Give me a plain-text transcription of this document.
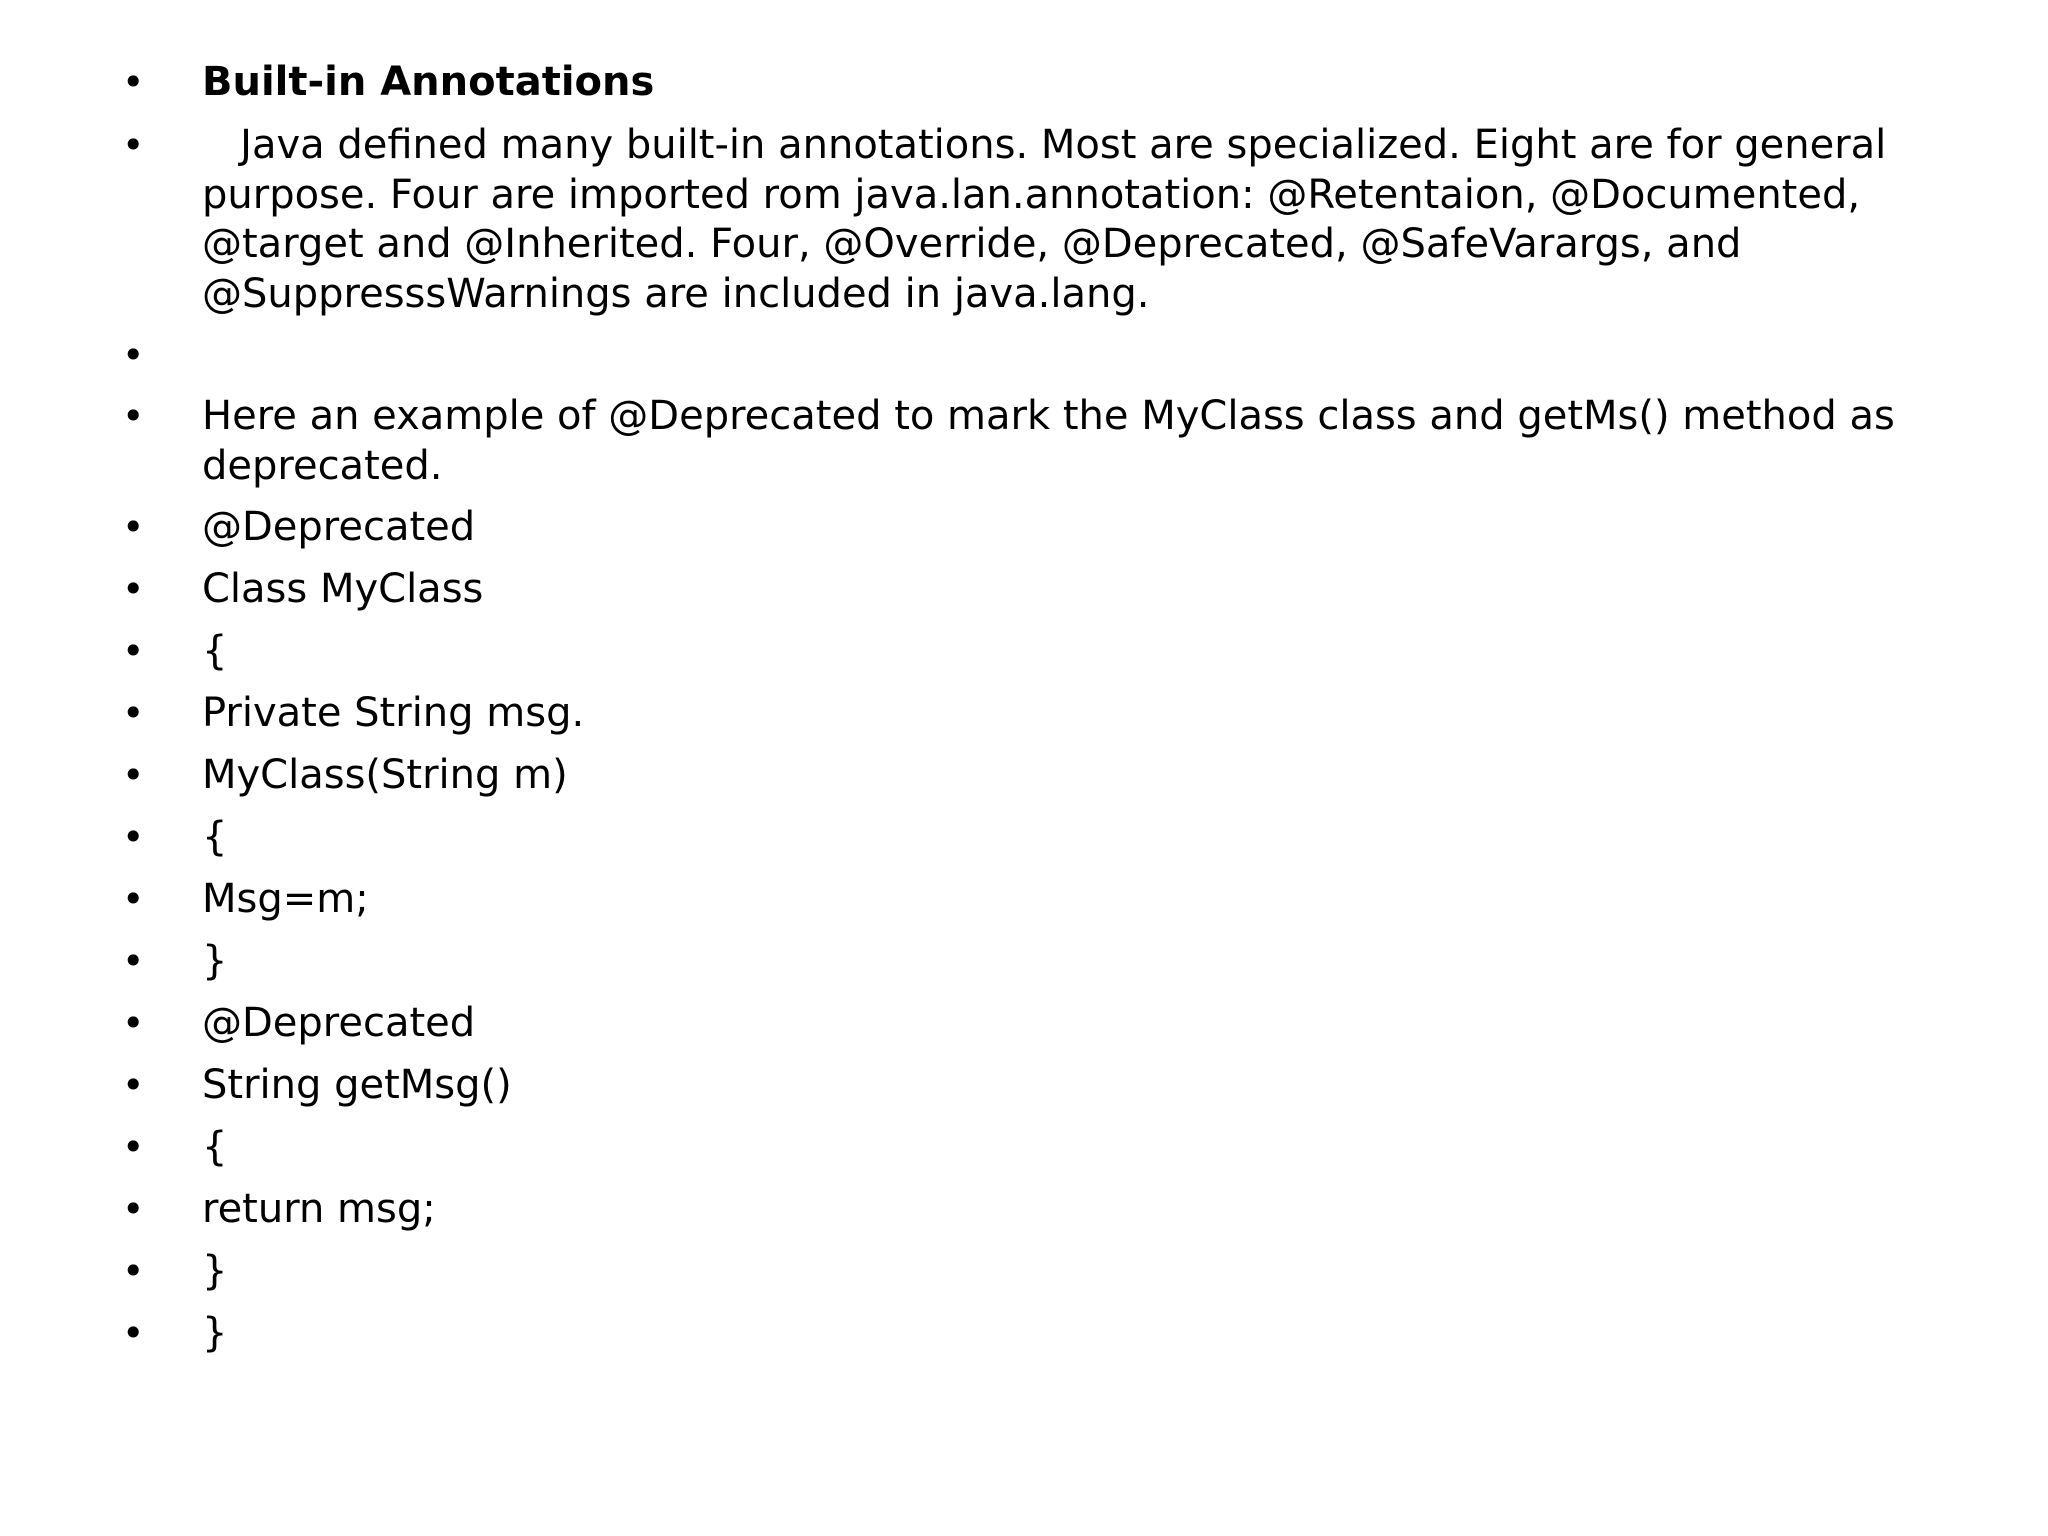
• Built-in Annotations
• Java defined many built-in annotations. Most are specialized. Eight are for general purpose. Four are imported rom java.lan.annotation: @Retentaion, @Documented, @target and @Inherited. Four, @Override, @Deprecated, @SafeVarargs, and @SuppresssWarnings are included in java.lang.
•
• Here an example of @Deprecated to mark the MyClass class and getMs() method as deprecated.
• @Deprecated
• Class MyClass
• {
• Private String msg.
• MyClass(String m)
• {
• Msg=m;
• }
• @Deprecated
• String getMsg()
• {
• return msg;
• }
• }
